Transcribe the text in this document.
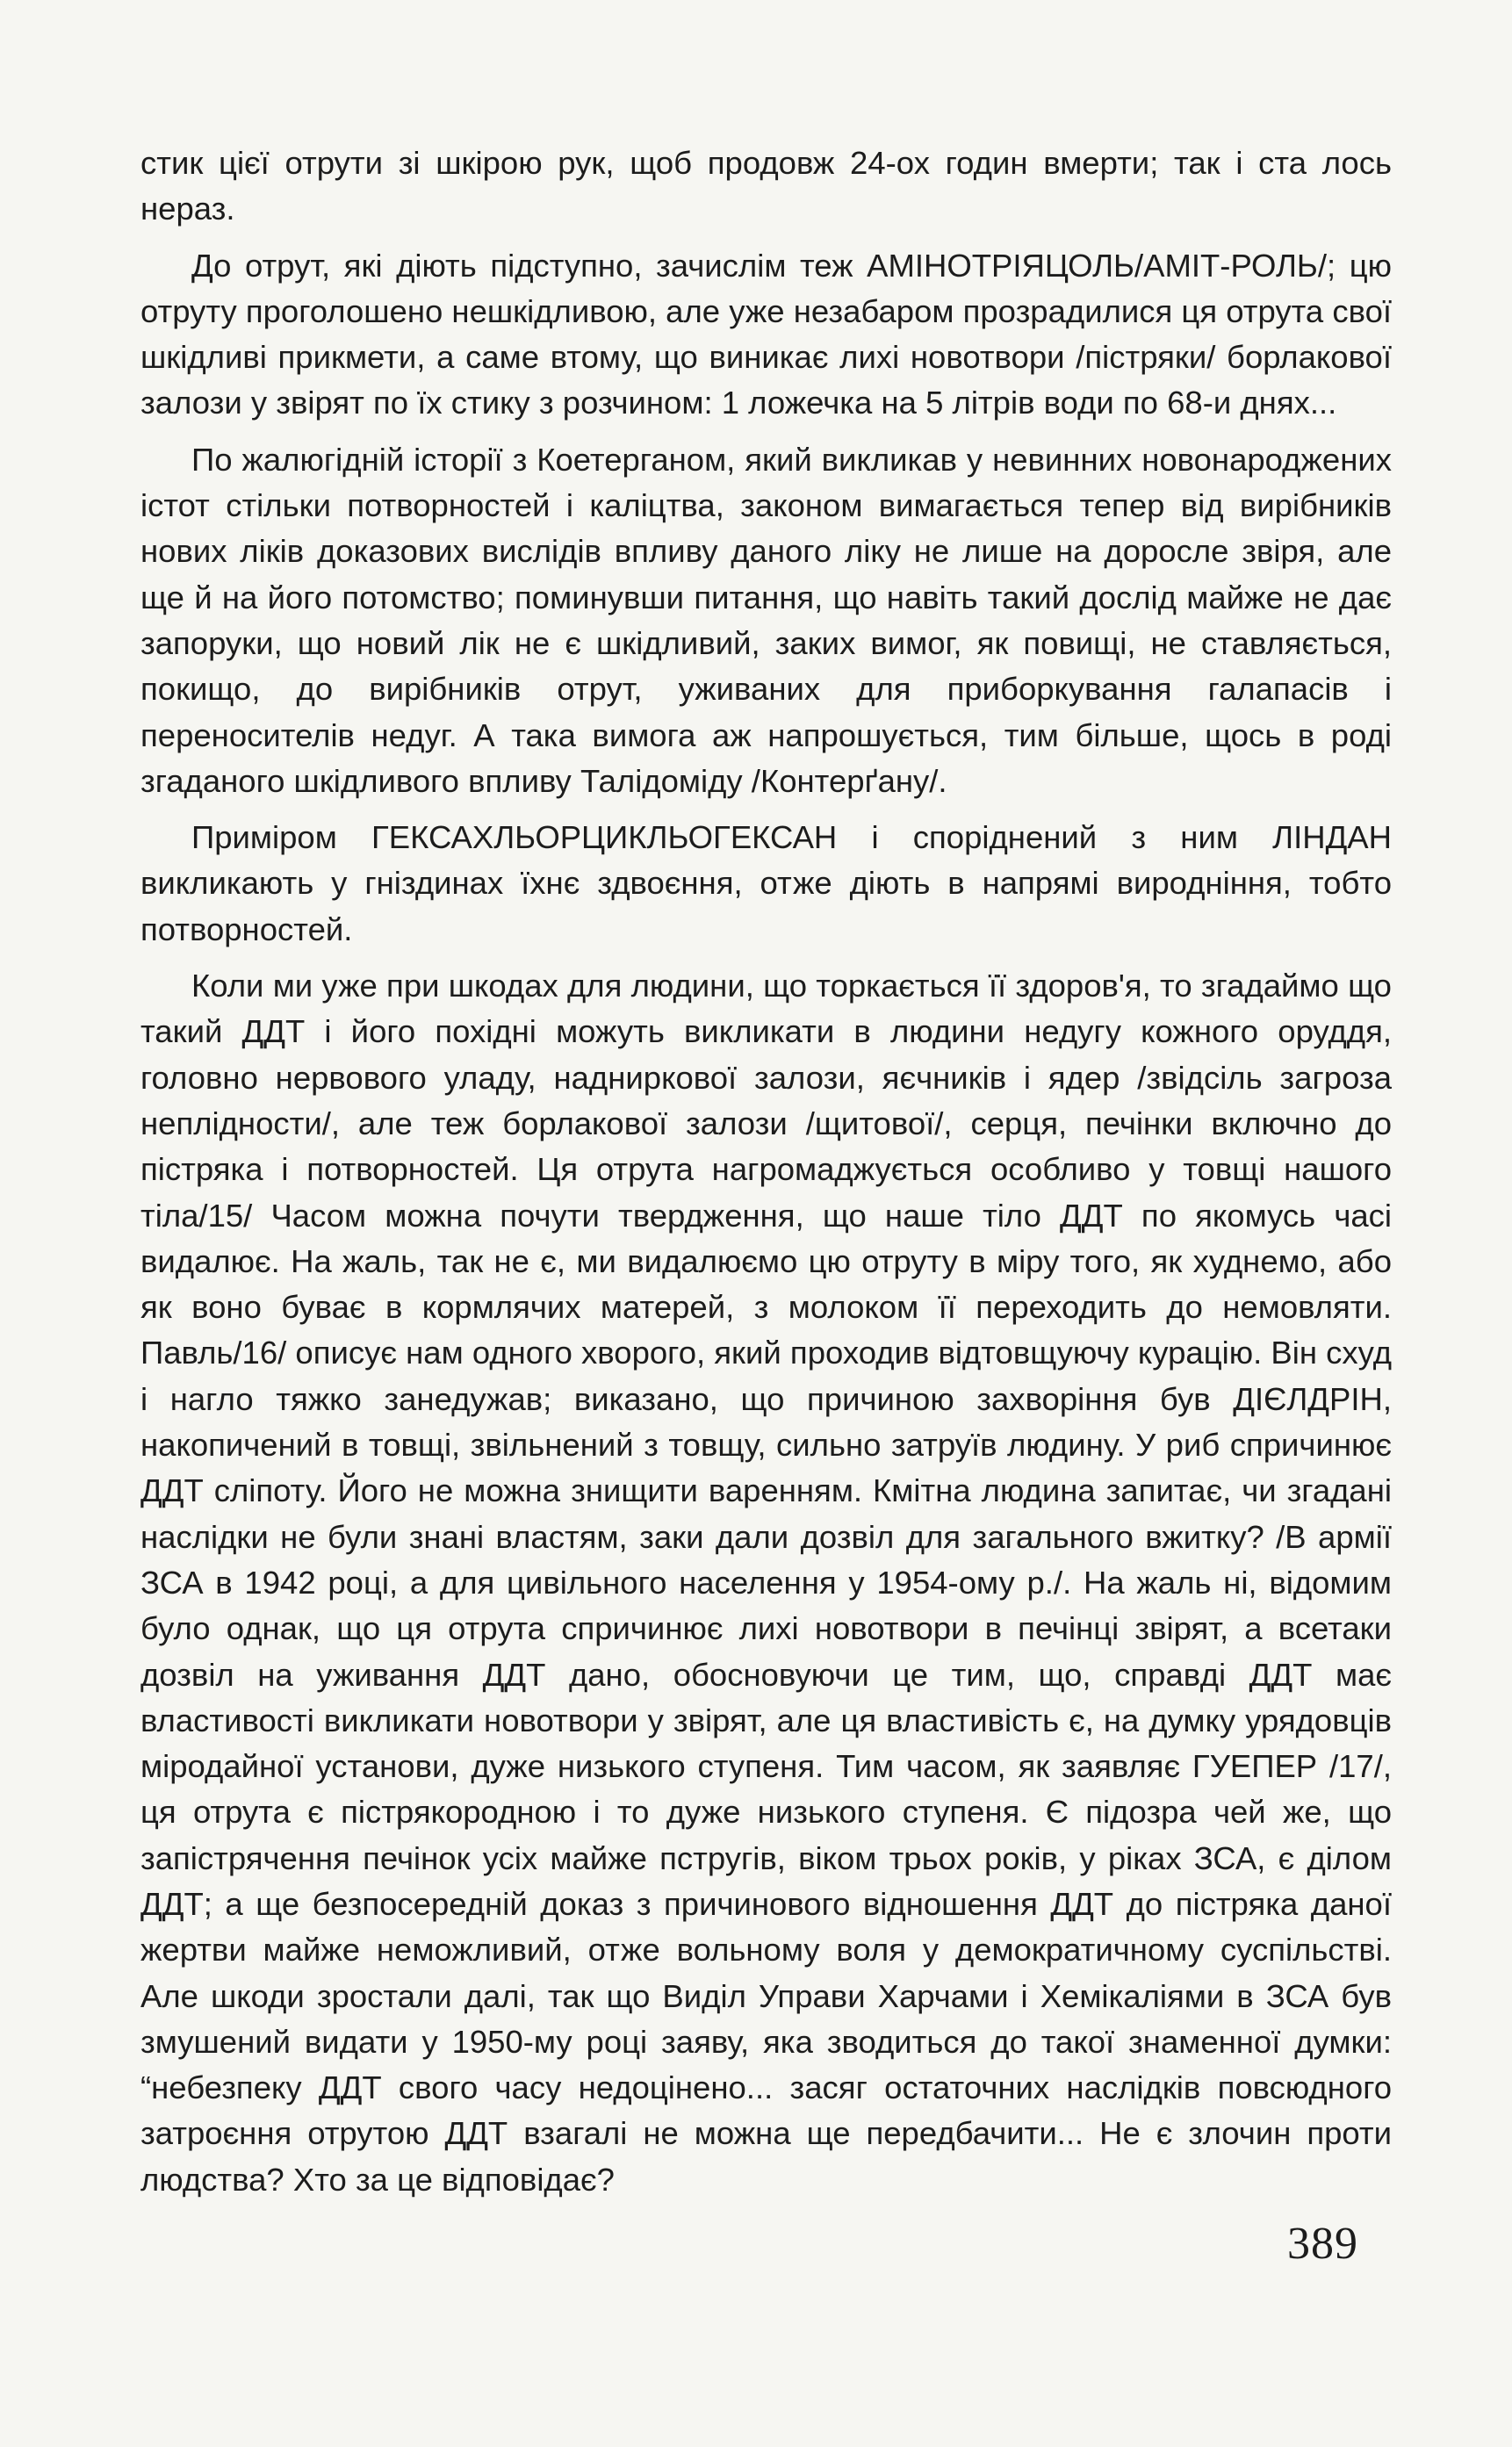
стик цієї отрути зі шкірою рук, щоб продовж 24-ох годин вмерти; так і ста лось нераз.

До отрут, які діють підступно, зачислім теж АМІНОТРІЯЦОЛЬ/АМІТ-РОЛЬ/; цю отруту проголошено нешкідливою, але уже незабаром прозрадилися ця отрута свої шкідливі прикмети, а саме втому, що виникає лихі новотвори /пістряки/ борлакової залози у звірят по їх стику з розчином: 1 ложечка на 5 літрів води по 68-и днях...

По жалюгідній історії з Коетерганом, який викликав у невинних новонароджених істот стільки потворностей і каліцтва, законом вимагається тепер від вирібників нових ліків доказових вислідів впливу даного ліку не лише на доросле звіря, але ще й на його потомство; поминувши питання, що навіть такий дослід майже не дає запоруки, що новий лік не є шкідливий, заких вимог, як повищі, не ставляється, покищо, до вирібників отрут, уживаних для приборкування галапасів і переносителів недуг. А така вимога аж напрошується, тим більше, щось в роді згаданого шкідливого впливу Талідоміду /Контерґану/.

Приміром ГЕКСАХЛЬОРЦИКЛЬОГЕКСАН і споріднений з ним ЛІНДАН викликають у гніздинах їхнє здвоєння, отже діють в напрямі виродніння, тобто потворностей.

Коли ми уже при шкодах для людини, що торкається її здоров'я, то згадаймо що такий ДДТ і його похідні можуть викликати в людини недугу кожного оруддя, головно нервового уладу, надниркової залози, яєчників і ядер /звідсіль загроза неплідности/, але теж борлакової залози /щитової/, серця, печінки включно до пістряка і потворностей. Ця отрута нагромаджується особливо у товщі нашого тіла/15/ Часом можна почути твердження, що наше тіло ДДТ по якомусь часі видалює. На жаль, так не є, ми видалюємо цю отруту в міру того, як худнемо, або як воно буває в кормлячих матерей, з молоком її переходить до немовляти. Павль/16/ описує нам одного хворого, який проходив відтовщуючу курацію. Він схуд і нагло тяжко занедужав; виказано, що причиною захворіння був ДІЄЛДРІН, накопичений в товщі, звільнений з товщу, сильно затруїв людину. У риб спричинює ДДТ сліпоту. Його не можна знищити варенням. Кмітна людина запитає, чи згадані наслідки не були знані властям, заки дали дозвіл для загального вжитку? /В армії ЗСА в 1942 році, а для цивільного населення у 1954-ому р./. На жаль ні, відомим було однак, що ця отрута спричинює лихі новотвори в печінці звірят, а всетаки дозвіл на уживання ДДТ дано, обосновуючи це тим, що, справді ДДТ має властивості викликати новотвори у звірят, але ця властивість є, на думку урядовців міродайної установи, дуже низького ступеня. Тим часом, як заявляє ГУЕПЕР /17/, ця отрута є пістрякородною і то дуже низького ступеня. Є підозра чей же, що запістрячення печінок усіх майже пстругів, віком трьох років, у ріках ЗСА, є ділом ДДТ; а ще безпосередній доказ з причинового відношення ДДТ до пістряка даної жертви майже неможливий, отже вольному воля у демократичному суспільстві. Але шкоди зростали далі, так що Виділ Управи Харчами і Хемікаліями в ЗСА був змушений видати у 1950-му році заяву, яка зводиться до такої знаменної думки: “небезпеку ДДТ свого часу недоцінено... засяг остаточних наслідків повсюдного затроєння отрутою ДДТ взагалі не можна ще передбачити... Не є злочин проти людства? Хто за це відповідає?

389
